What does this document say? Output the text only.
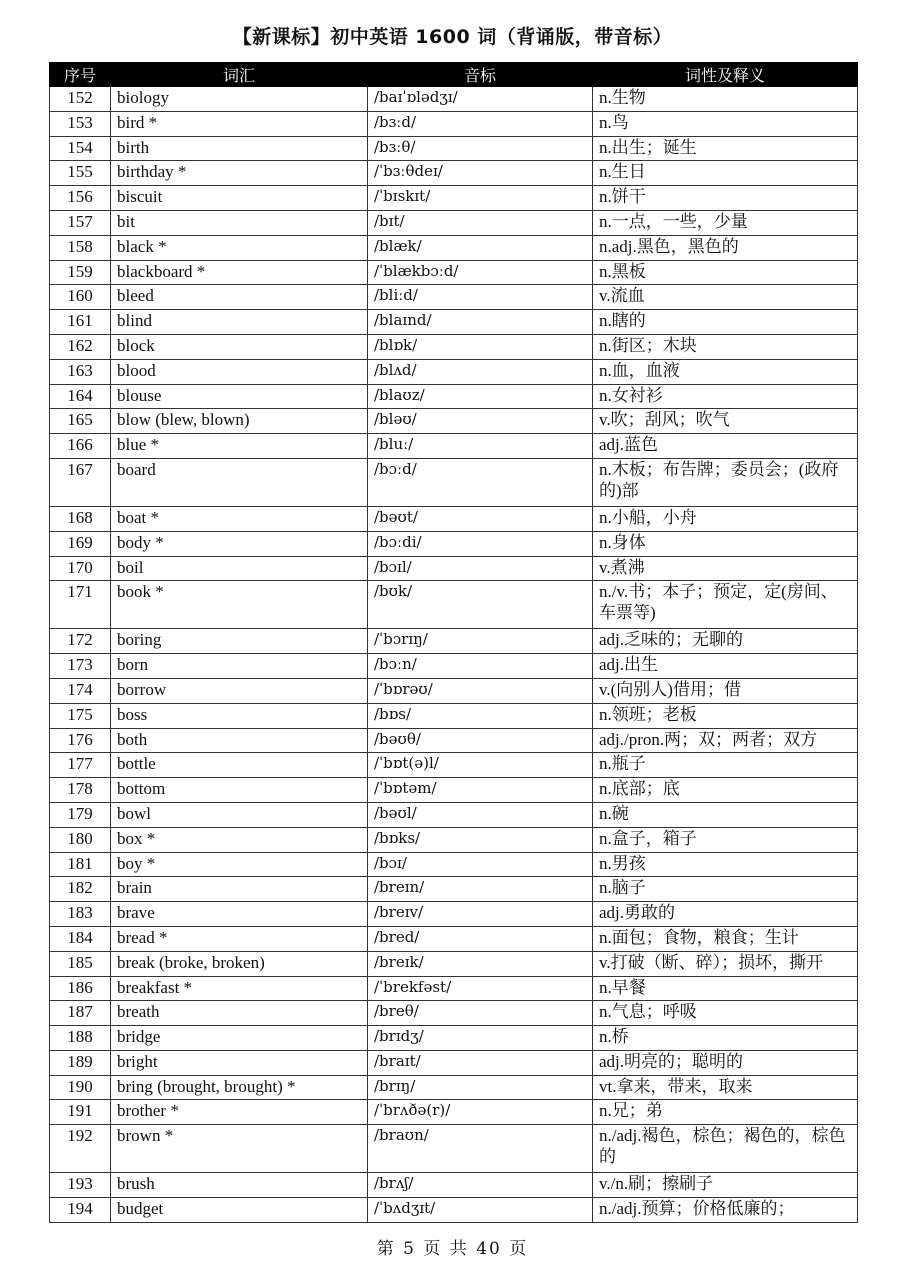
【新课标】初中英语 1600 词（背诵版，带音标）
序号	词汇	音标	词性及释义
152	biology	/baɪˈɒlədʒɪ/	n.生物
153	bird *	/bɜːd/	n.鸟
154	birth	/bɜːθ/	n.出生；诞生
155	birthday *	/ˈbɜːθdeɪ/	n.生日
156	biscuit	/ˈbɪskɪt/	n.饼干
157	bit	/bɪt/	n.一点，一些，少量
158	black *	/blæk/	n.adj.黑色，黑色的
159	blackboard *	/ˈblækbɔːd/	n.黑板
160	bleed	/bliːd/	v.流血
161	blind	/blaɪnd/	n.瞎的
162	block	/blɒk/	n.街区；木块
163	blood	/blʌd/	n.血，血液
164	blouse	/blaʊz/	n.女衬衫
165	blow (blew, blown)	/bləʊ/	v.吹；刮风；吹气
166	blue *	/bluː/	adj.蓝色
167	board	/bɔːd/	n.木板；布告牌；委员会；(政府的)部
168	boat *	/bəʊt/	n.小船，小舟
169	body *	/bɔːdi/	n.身体
170	boil	/bɔɪl/	v.煮沸
171	book *	/bʊk/	n./v.书；本子；预定，定(房间、车票等)
172	boring	/ˈbɔrɪŋ/	adj.乏味的；无聊的
173	born	/bɔːn/	adj.出生
174	borrow	/ˈbɒrəʊ/	v.(向别人)借用；借
175	boss	/bɒs/	n.领班；老板
176	both	/bəʊθ/	adj./pron.两；双；两者；双方
177	bottle	/ˈbɒt(ə)l/	n.瓶子
178	bottom	/ˈbɒtəm/	n.底部；底
179	bowl	/bəʊl/	n.碗
180	box *	/bɒks/	n.盒子，箱子
181	boy *	/bɔɪ/	n.男孩
182	brain	/breɪn/	n.脑子
183	brave	/breɪv/	adj.勇敢的
184	bread *	/bred/	n.面包；食物，粮食；生计
185	break (broke, broken)	/breɪk/	v.打破（断、碎）；损坏，撕开
186	breakfast *	/ˈbrekfəst/	n.早餐
187	breath	/breθ/	n.气息；呼吸
188	bridge	/brɪdʒ/	n.桥
189	bright	/braɪt/	adj.明亮的；聪明的
190	bring (brought, brought) *	/brɪŋ/	vt.拿来，带来，取来
191	brother *	/ˈbrʌðə(r)/	n.兄；弟
192	brown *	/braʊn/	n./adj.褐色，棕色；褐色的，棕色的
193	brush	/brʌʃ/	v./n.刷；擦刷子
194	budget	/ˈbʌdʒɪt/	n./adj.预算；价格低廉的；
第 5 页 共 40 页
